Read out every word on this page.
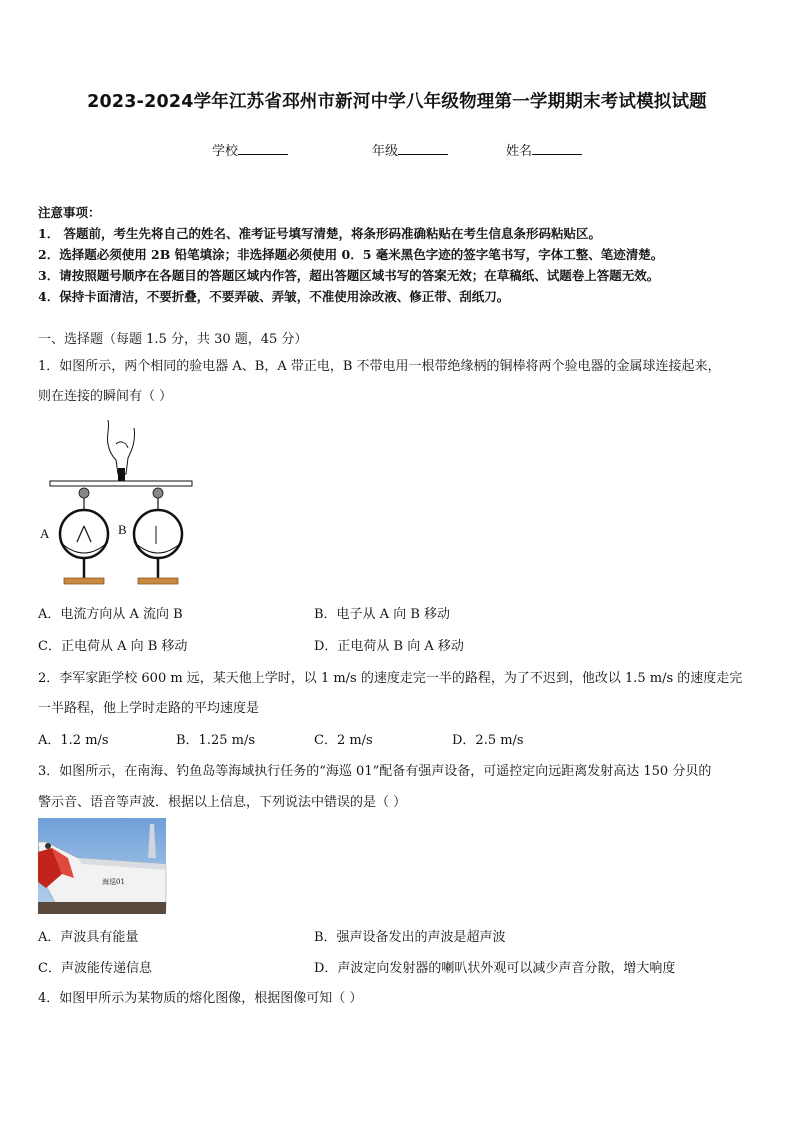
2023-2024学年江苏省邳州市新河中学八年级物理第一学期期末考试模拟试题
学校	年级	姓名
注意事项：
1． 答题前，考生先将自己的姓名、准考证号填写清楚，将条形码准确粘贴在考生信息条形码粘贴区。
2．选择题必须使用 2B 铅笔填涂；非选择题必须使用 0．5 毫米黑色字迹的签字笔书写，字体工整、笔迹清楚。
3．请按照题号顺序在各题目的答题区域内作答，超出答题区域书写的答案无效；在草稿纸、试题卷上答题无效。
4．保持卡面清洁，不要折叠，不要弄破、弄皱，不准使用涂改液、修正带、刮纸刀。
一、选择题（每题 1.5 分，共 30 题，45 分）
1．如图所示，两个相同的验电器 A、B，A 带正电，B 不带电用一根带绝缘柄的铜棒将两个验电器的金属球连接起来，
则在连接的瞬间有（ ）
A	B
A．电流方向从 A 流向 B	B．电子从 A 向 B 移动
C．正电荷从 A 向 B 移动	D．正电荷从 B 向 A 移动
2．李军家距学校 600 m 远，某天他上学时，以 1 m/s 的速度走完一半的路程，为了不迟到，他改以 1.5 m/s 的速度走完
一半路程，他上学时走路的平均速度是
A．1.2 m/s	B．1.25 m/s	C．2 m/s	D．2.5 m/s
3．如图所示，在南海、钓鱼岛等海域执行任务的“海巡 01”配备有强声设备，可遥控定向远距离发射高达 150 分贝的
警示音、语音等声波．根据以上信息，下列说法中错误的是（ ）
海巡01
A．声波具有能量	B．强声设备发出的声波是超声波
C．声波能传递信息	D．声波定向发射器的喇叭状外观可以减少声音分散，增大响度
4．如图甲所示为某物质的熔化图像，根据图像可知（ ）
